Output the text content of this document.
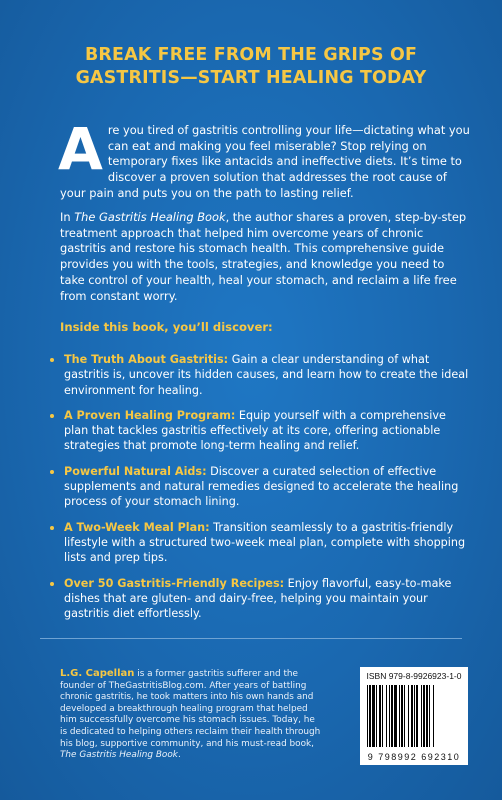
BREAK FREE FROM THE GRIPS OF
GASTRITIS—START HEALING TODAY
Are you tired of gastritis controlling your life—dictating what you can eat and making you feel miserable? Stop relying on temporary fixes like antacids and ineffective diets. It’s time to discover a proven solution that addresses the root cause of your pain and puts you on the path to lasting relief.
In The Gastritis Healing Book, the author shares a proven, step-by-step treatment approach that helped him overcome years of chronic gastritis and restore his stomach health. This comprehensive guide provides you with the tools, strategies, and knowledge you need to take control of your health, heal your stomach, and reclaim a life free from constant worry.
Inside this book, you’ll discover:
The Truth About Gastritis: Gain a clear understanding of what gastritis is, uncover its hidden causes, and learn how to create the ideal environment for healing.
A Proven Healing Program: Equip yourself with a comprehensive plan that tackles gastritis effectively at its core, offering actionable strategies that promote long-term healing and relief.
Powerful Natural Aids: Discover a curated selection of effective supplements and natural remedies designed to accelerate the healing process of your stomach lining.
A Two-Week Meal Plan: Transition seamlessly to a gastritis-friendly lifestyle with a structured two-week meal plan, complete with shopping lists and prep tips.
Over 50 Gastritis-Friendly Recipes: Enjoy flavorful, easy-to-make dishes that are gluten- and dairy-free, helping you maintain your gastritis diet effortlessly.
L.G. Capellan is a former gastritis sufferer and the founder of TheGastritisBlog.com. After years of battling chronic gastritis, he took matters into his own hands and developed a breakthrough healing program that helped him successfully overcome his stomach issues. Today, he is dedicated to helping others reclaim their health through his blog, supportive community, and his must-read book, The Gastritis Healing Book.
ISBN 979-8-9926923-1-0
9 798992 692310
